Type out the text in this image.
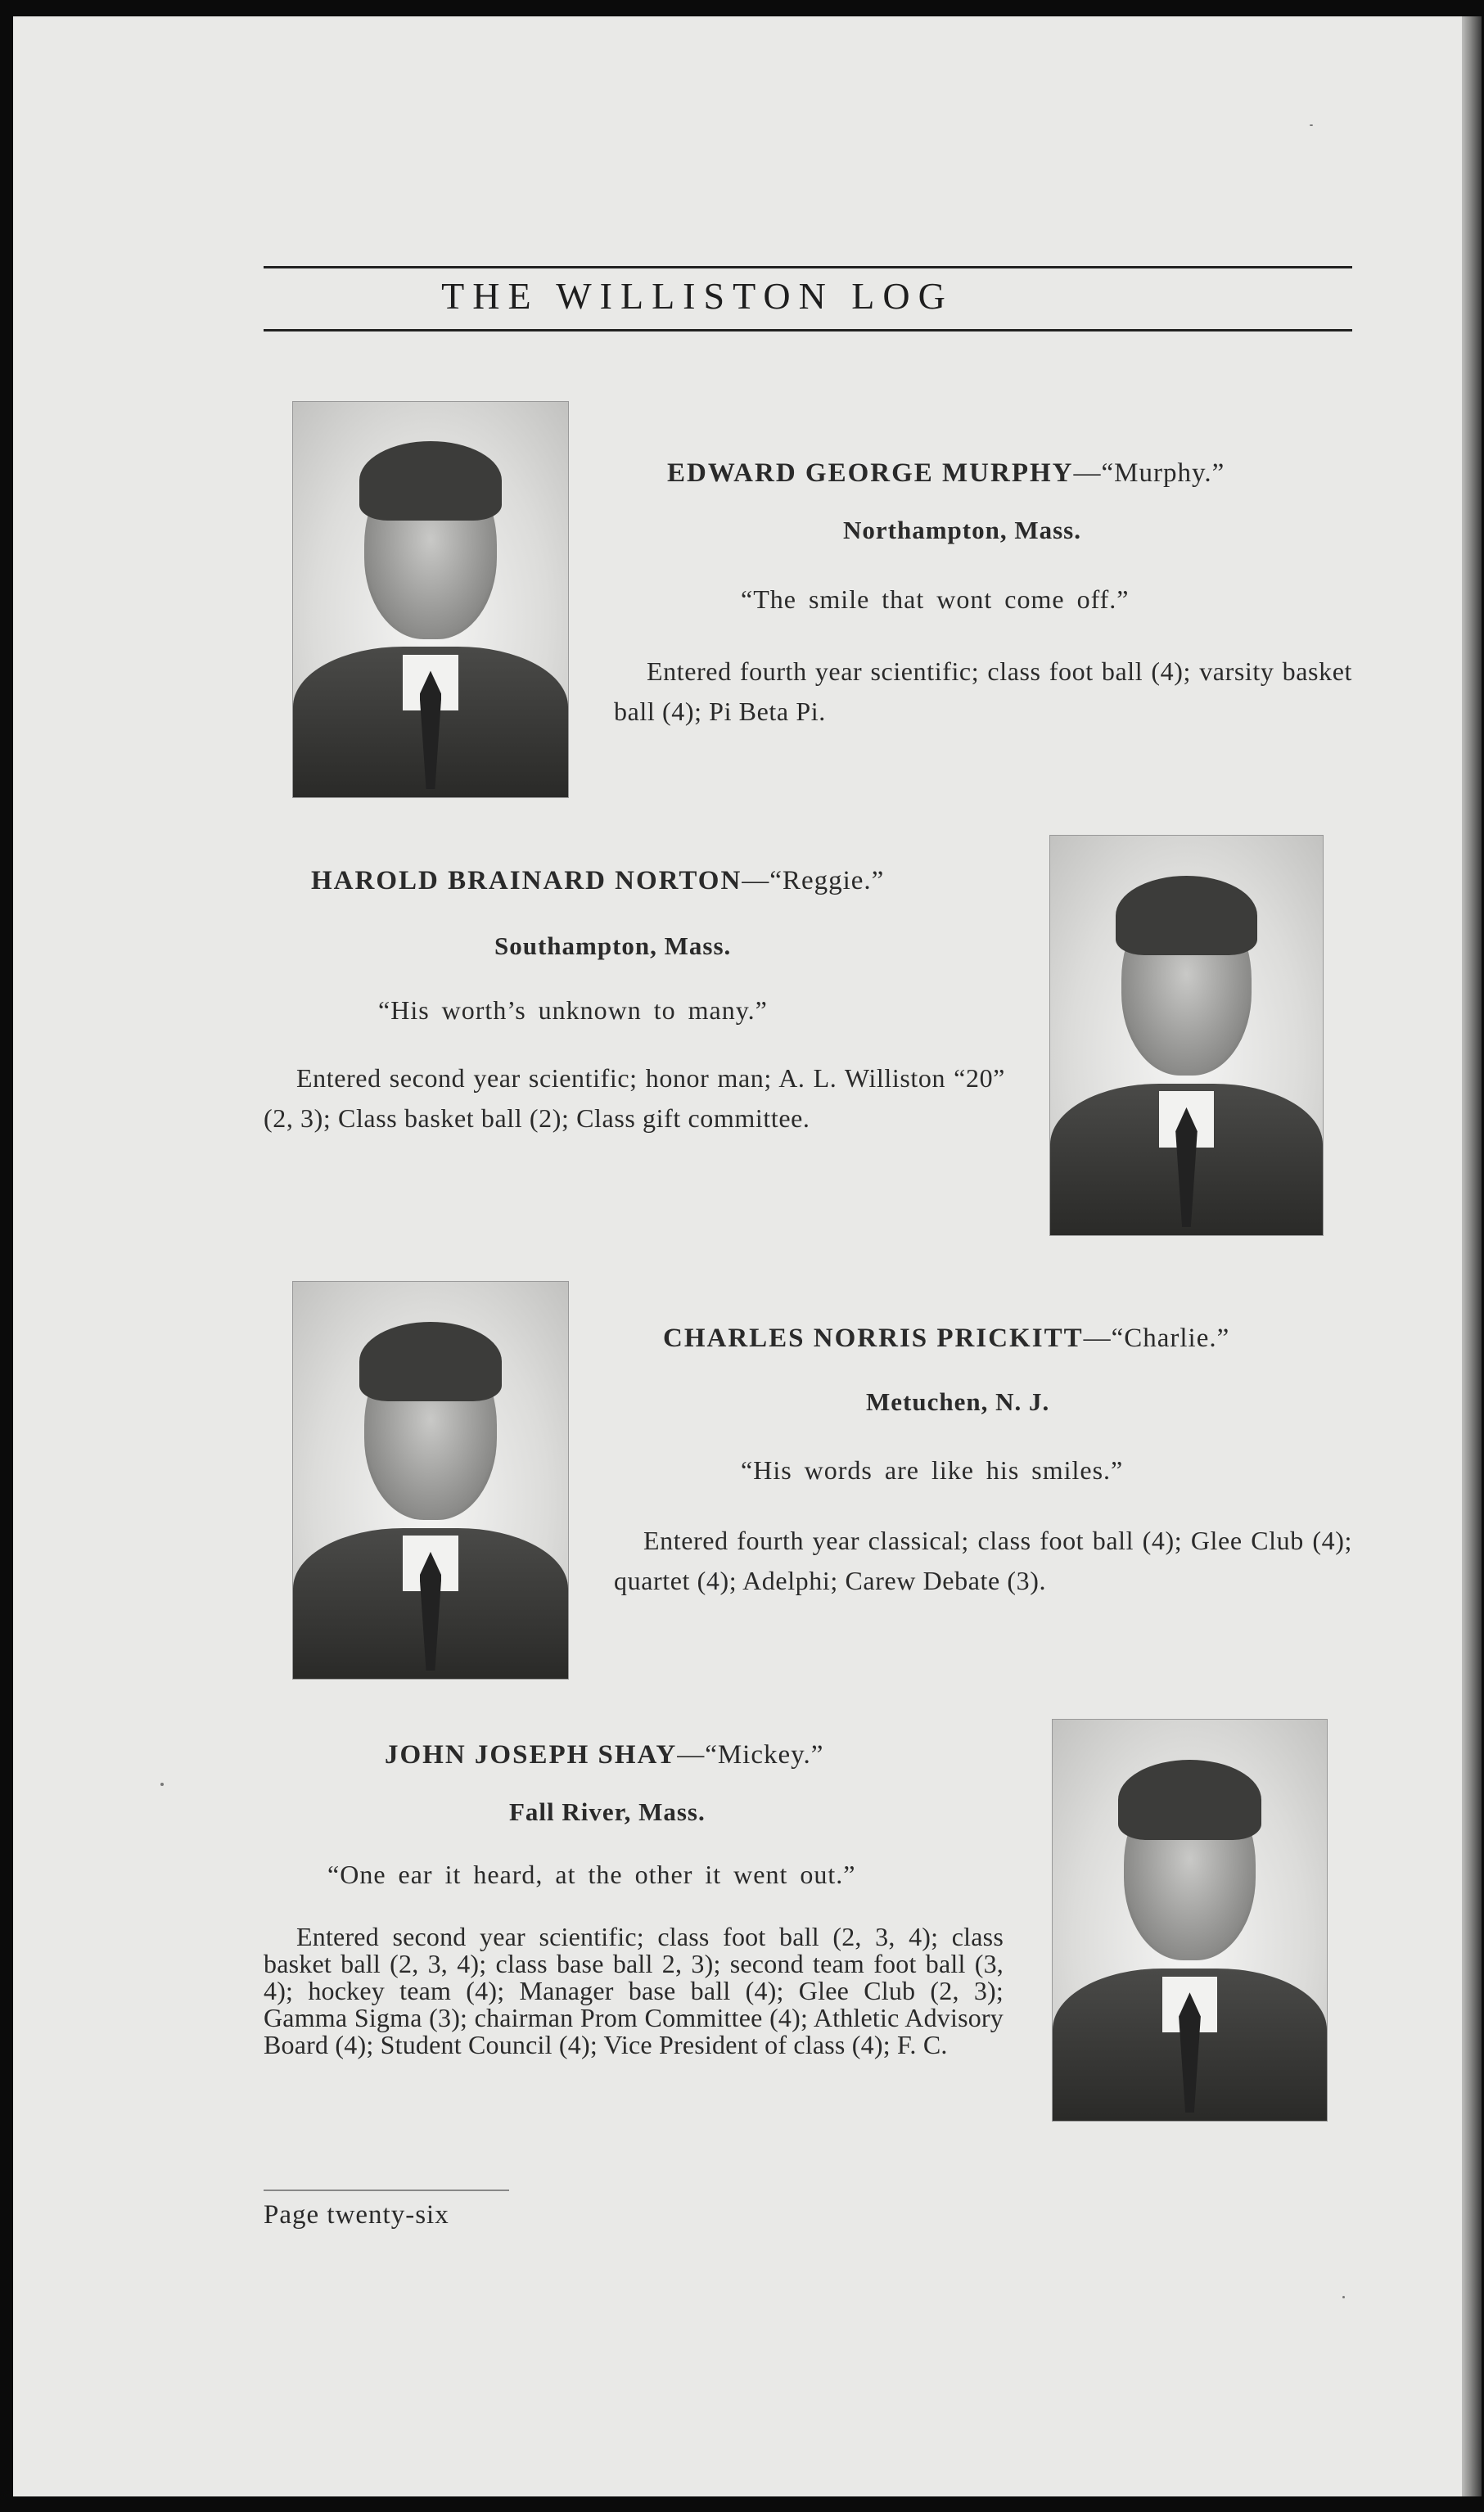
THE WILLISTON LOG
EDWARD GEORGE MURPHY—“Murphy.”
Northampton, Mass.
“The smile that wont come off.”
Entered fourth year scientific; class foot ball (4); varsity basket ball (4); Pi Beta Pi.
HAROLD BRAINARD NORTON—“Reggie.”
Southampton, Mass.
“His worth’s unknown to many.”
Entered second year scientific; honor man; A. L. Williston “20” (2, 3); Class basket ball (2); Class gift committee.
CHARLES NORRIS PRICKITT—“Charlie.”
Metuchen, N. J.
“His words are like his smiles.”
Entered fourth year classical; class foot ball (4); Glee Club (4); quartet (4); Adelphi; Carew Debate (3).
JOHN JOSEPH SHAY—“Mickey.”
Fall River, Mass.
“One ear it heard, at the other it went out.”
Entered second year scientific; class foot ball (2, 3, 4); class basket ball (2, 3, 4); class base ball 2, 3); second team foot ball (3, 4); hockey team (4); Manager base ball (4); Glee Club (2, 3); Gamma Sigma (3); chairman Prom Committee (4); Athletic Advisory Board (4); Student Council (4); Vice President of class (4); F. C.
Page twenty-six
